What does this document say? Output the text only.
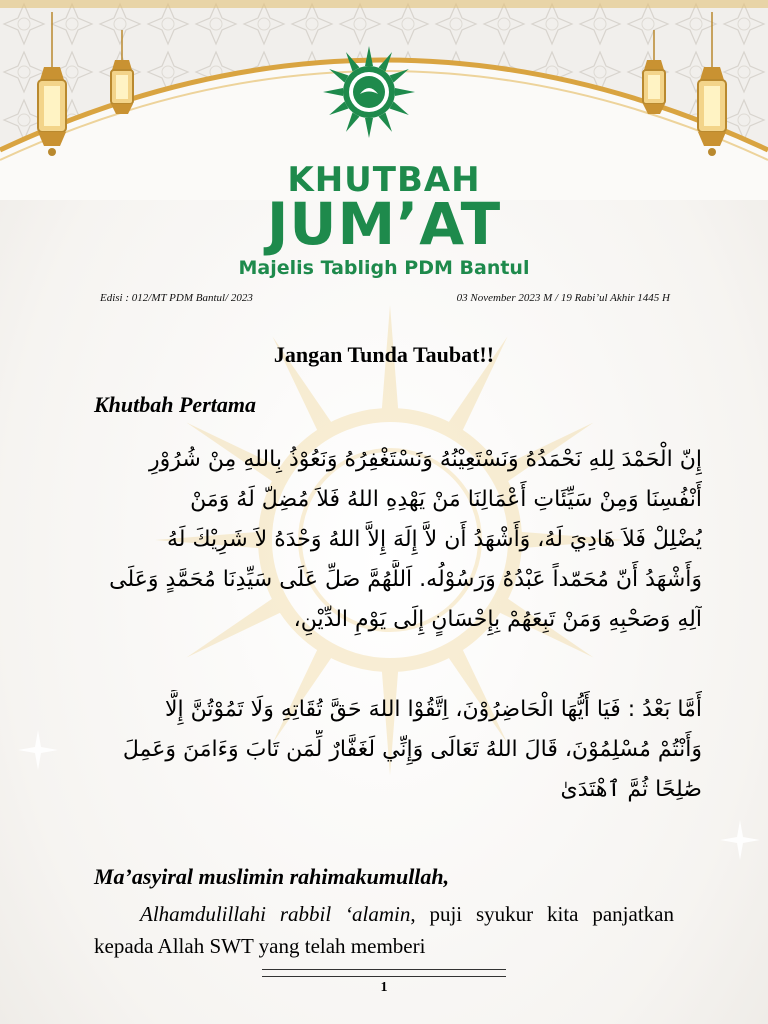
KHUTBAH
JUM’AT
Majelis Tabligh PDM Bantul
Edisi : 012/MT PDM Bantul/ 2023	03 November 2023 M / 19 Rabi’ul Akhir 1445 H
Jangan Tunda Taubat!!
Khutbah Pertama
إِنّ الْحَمْدَ لِلهِ نَحْمَدُهُ وَنَسْتَعِيْنُهُ وَنَسْتَغْفِرُهُ وَنَعُوْذُ بِاللهِ مِنْ شُرُوْرِ
أَنْفُسِنَا وَمِنْ سَيِّئَاتِ أَعْمَالِنَا مَنْ يَهْدِهِ اللهُ فَلاَ مُضِلّ لَهُ وَمَنْ
يُضْلِلْ فَلاَ هَادِيَ لَهُ، وَأَشْهَدُ أَن لاَّ إِلَهَ إِلاَّ اللهُ وَحْدَهُ لاَ شَرِيْكَ لَهُ
وَأَشْهَدُ أَنّ مُحَمّداً عَبْدُهُ وَرَسُوْلُه. اَللَّهُمَّ صَلِّ عَلَى سَيِّدِنَا مُحَمَّدٍ وَعَلَى
آلِهِ وَصَحْبِهِ وَمَنْ تَبِعَهُمْ بِإِحْسَانٍ إِلَى يَوْمِ الدِّيْنِ،
أَمَّا بَعْدُ : فَيَا أَيُّهَا الْحَاضِرُوْنَ، اِتَّقُوْا اللهَ حَقَّ تُقَاتِهِ وَلَا تَمُوْتُنَّ إِلَّا
وَأَنْتُمْ مُسْلِمُوْنَ، قَالَ اللهُ تَعَالَى وَإِنِّي لَغَفَّارٌ لِّمَن تَابَ وَءَامَنَ وَعَمِلَ
صَٰلِحًا ثُمَّ ٱهْتَدَىٰ
Ma’asyiral muslimin rahimakumullah,
Alhamdulillahi rabbil ‘alamin, puji syukur kita panjatkan kepada Allah SWT yang telah memberi
1
